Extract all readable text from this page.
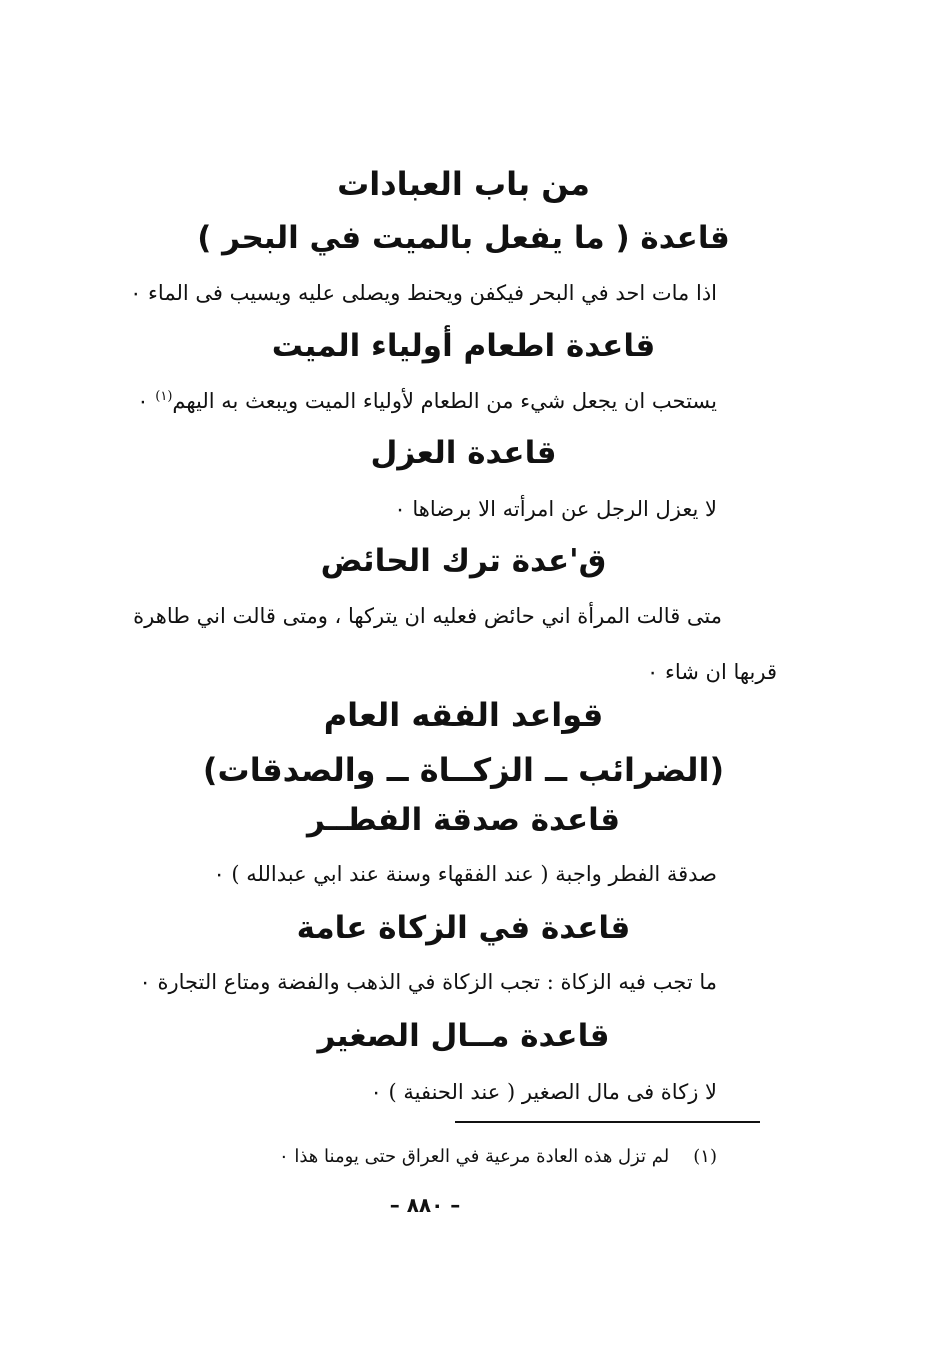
من باب العبادات
قاعدة ( ما يفعل بالميت في البحر )
اذا مات احد في البحر فيكفن ويحنط ويصلى عليه ويسيب فى الماء ٠
قاعدة اطعام أولياء الميت
يستحب ان يجعل شيء من الطعام لأولياء الميت ويبعث به اليهم$^{(١)}$ ٠
قاعدة العزل
لا يعزل الرجل عن امرأته الا برضاها ٠
ق'عدة ترك الحائض
متى قالت المرأة اني حائض فعليه ان يتركها ، ومتى قالت اني طاهرة
قربها ان شاء ٠
قواعد الفقه العام
(الضرائب ــ الزكــاة ــ والصدقات)
قاعدة صدقة الفطــر
صدقة الفطر واجبة ( عند الفقهاء وسنة عند ابي عبدالله ) ٠
قاعدة في الزكاة عامة
ما تجب فيه الزكاة : تجب الزكاة في الذهب والفضة ومتاع التجارة ٠
قاعدة مــال الصغير
لا زكاة فى مال الصغير ( عند الحنفية ) ٠
(١)لم تزل هذه العادة مرعية في العراق حتى يومنا هذا ٠
– ٨٨٠ –
